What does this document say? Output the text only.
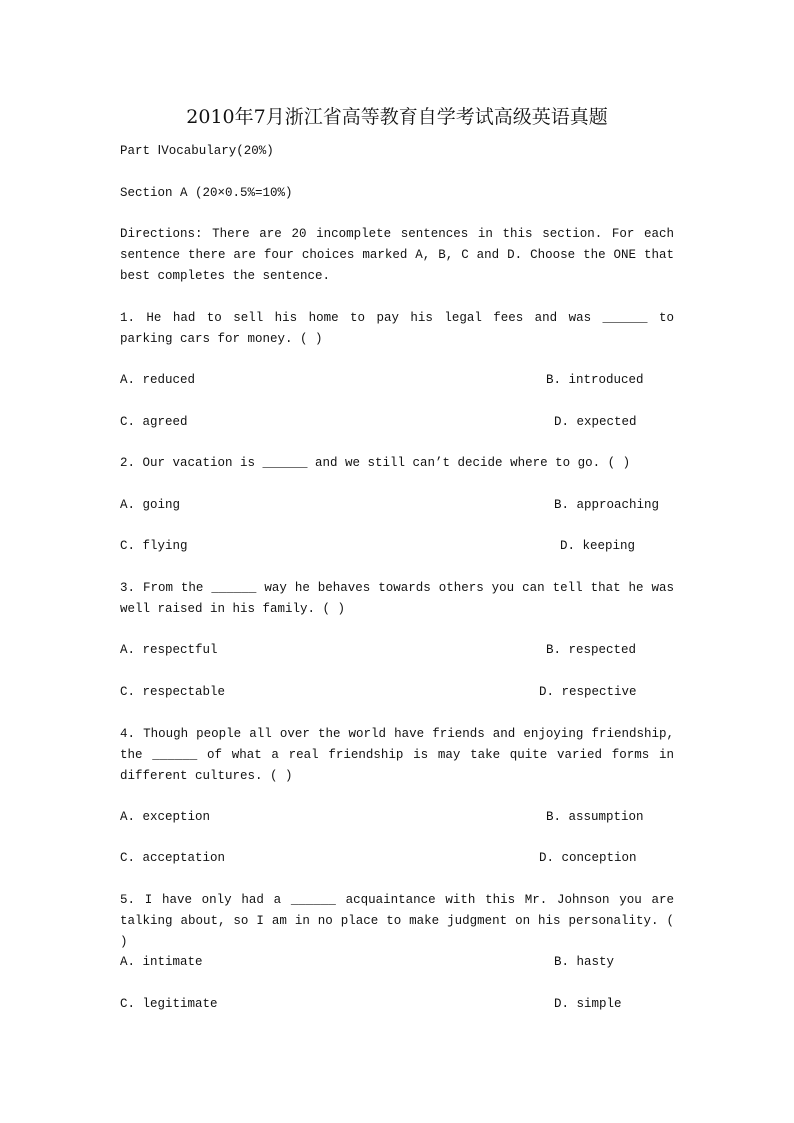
2010年7月浙江省高等教育自学考试高级英语真题
Part ⅠVocabulary(20%)
Section A (20×0.5%=10%)
Directions: There are 20 incomplete sentences in this section. For each sentence there are four choices marked A, B, C and D. Choose the ONE that best completes the sentence.
1. He had to sell his home to pay his legal fees and was ______ to parking cars for money. ( )
A. reduced	B. introduced
C. agreed	D. expected
2. Our vacation is ______ and we still can’t decide where to go. ( )
A. going	B. approaching
C. flying	D. keeping
3. From the ______ way he behaves towards others you can tell that he was well raised in his family. ( )
A. respectful	B. respected
C. respectable	D. respective
4. Though people all over the world have friends and enjoying friendship, the ______ of what a real friendship is may take quite varied forms in different cultures. ( )
A. exception	B. assumption
C. acceptation	D. conception
5. I have only had a ______ acquaintance with this Mr. Johnson you are talking about, so I am in no place to make judgment on his personality. ( )
A. intimate	B. hasty
C. legitimate	D. simple
